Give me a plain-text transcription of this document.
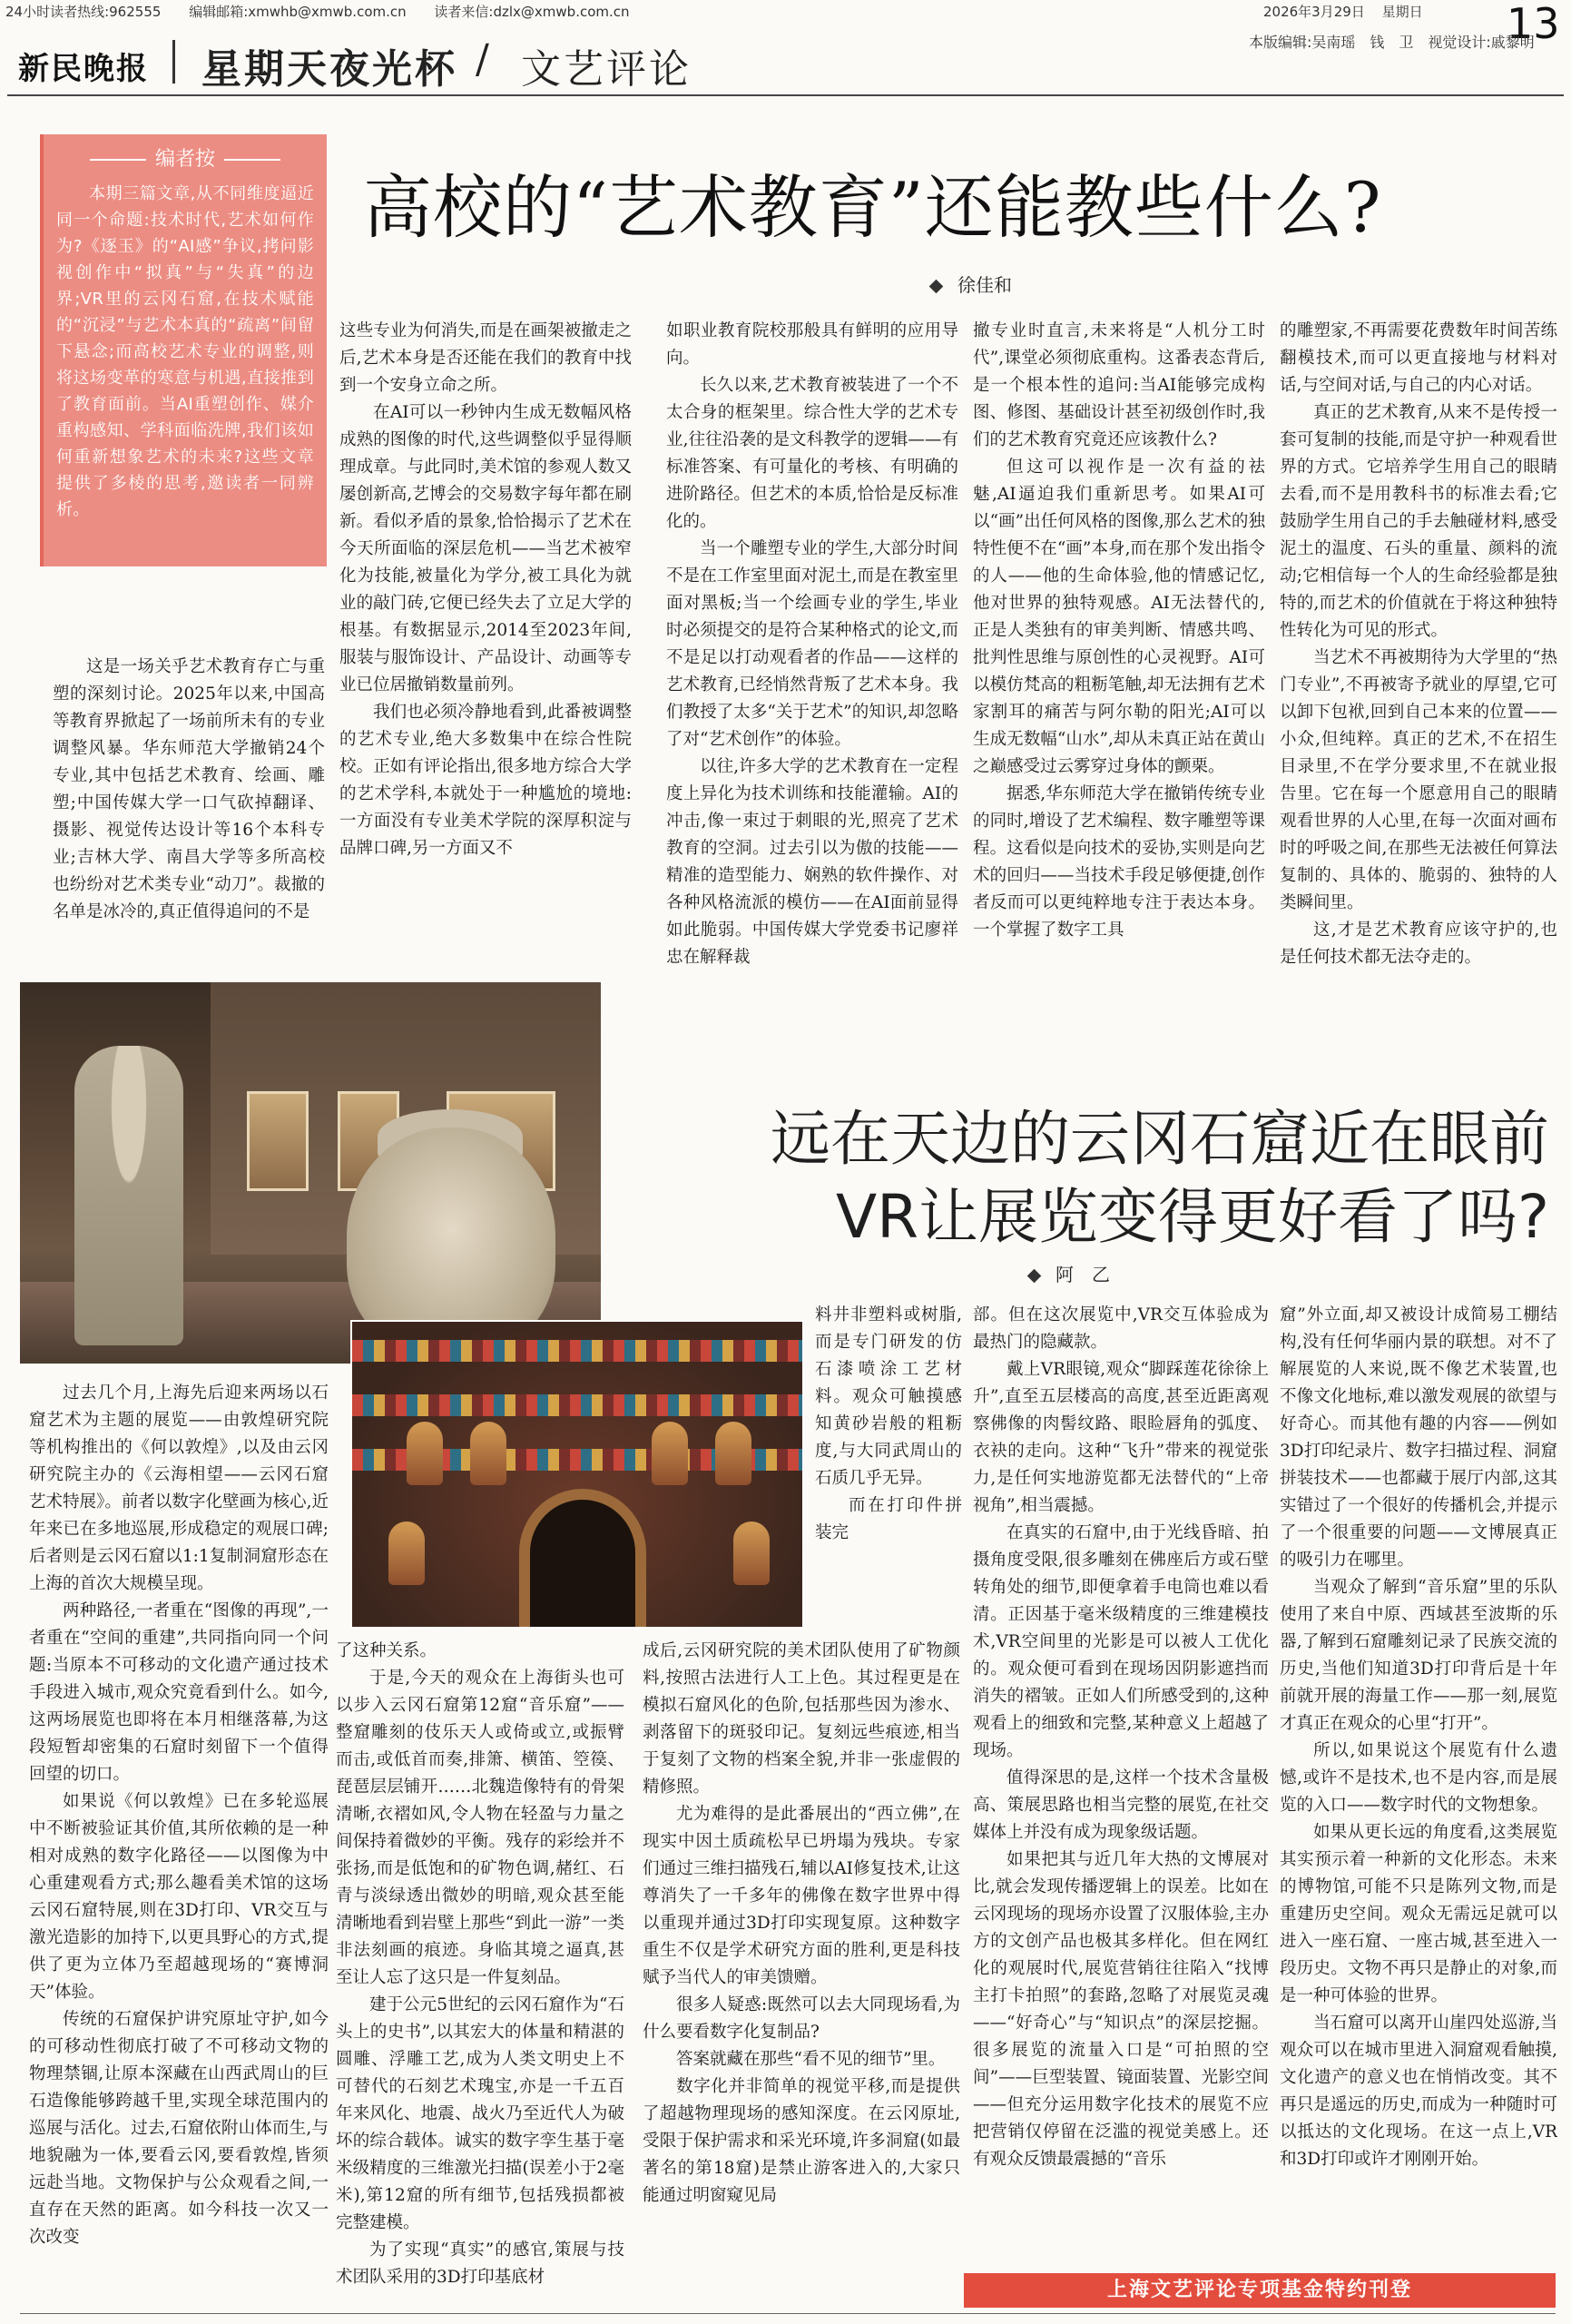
24小时读者热线:962555 编辑邮箱:xmwhb@xmwb.com.cn 读者来信:dzlx@xmwb.com.cn	2026年3月29日 星期日	13
新民晚报 星期天夜光杯 / 文艺评论
本版编辑:吴南瑶　钱　卫　视觉设计:戚黎明
编者按
本期三篇文章,从不同维度逼近同一个命题:技术时代,艺术如何作为?《逐玉》的“AI感”争议,拷问影视创作中“拟真”与“失真”的边界;VR里的云冈石窟,在技术赋能的“沉浸”与艺术本真的“疏离”间留下悬念;而高校艺术专业的调整,则将这场变革的寒意与机遇,直接推到了教育面前。当AI重塑创作、媒介重构感知、学科面临洗牌,我们该如何重新想象艺术的未来?这些文章提供了多棱的思考,邀读者一同辨析。
高校的“艺术教育”还能教些什么?
徐佳和

这是一场关乎艺术教育存亡与重塑的深刻讨论。2025年以来,中国高等教育界掀起了一场前所未有的专业调整风暴。华东师范大学撤销24个专业,其中包括艺术教育、绘画、雕塑;中国传媒大学一口气砍掉翻译、摄影、视觉传达设计等16个本科专业;吉林大学、南昌大学等多所高校也纷纷对艺术类专业“动刀”。裁撤的名单是冰冷的,真正值得追问的不是

这些专业为何消失,而是在画架被撤走之后,艺术本身是否还能在我们的教育中找到一个安身立命之所。

在AI可以一秒钟内生成无数幅风格成熟的图像的时代,这些调整似乎显得顺理成章。与此同时,美术馆的参观人数又屡创新高,艺博会的交易数字每年都在刷新。看似矛盾的景象,恰恰揭示了艺术在今天所面临的深层危机——当艺术被窄化为技能,被量化为学分,被工具化为就业的敲门砖,它便已经失去了立足大学的根基。有数据显示,2014至2023年间,服装与服饰设计、产品设计、动画等专业已位居撤销数量前列。

我们也必须冷静地看到,此番被调整的艺术专业,绝大多数集中在综合性院校。正如有评论指出,很多地方综合大学的艺术学科,本就处于一种尴尬的境地:一方面没有专业美术学院的深厚积淀与品牌口碑,另一方面又不

如职业教育院校那般具有鲜明的应用导向。

长久以来,艺术教育被装进了一个不太合身的框架里。综合性大学的艺术专业,往往沿袭的是文科教学的逻辑——有标准答案、有可量化的考核、有明确的进阶路径。但艺术的本质,恰恰是反标准化的。

当一个雕塑专业的学生,大部分时间不是在工作室里面对泥土,而是在教室里面对黑板;当一个绘画专业的学生,毕业时必须提交的是符合某种格式的论文,而不是足以打动观看者的作品——这样的艺术教育,已经悄然背叛了艺术本身。我们教授了太多“关于艺术”的知识,却忽略了对“艺术创作”的体验。

以往,许多大学的艺术教育在一定程度上异化为技术训练和技能灌输。AI的冲击,像一束过于刺眼的光,照亮了艺术教育的空洞。过去引以为傲的技能——精准的造型能力、娴熟的软件操作、对各种风格流派的模仿——在AI面前显得如此脆弱。中国传媒大学党委书记廖祥忠在解释裁

撤专业时直言,未来将是“人机分工时代”,课堂必须彻底重构。这番表态背后,是一个根本性的追问:当AI能够完成构图、修图、基础设计甚至初级创作时,我们的艺术教育究竟还应该教什么?

但这可以视作是一次有益的祛魅,AI逼迫我们重新思考。如果AI可以“画”出任何风格的图像,那么艺术的独特性便不在“画”本身,而在那个发出指令的人——他的生命体验,他的情感记忆,他对世界的独特观感。AI无法替代的,正是人类独有的审美判断、情感共鸣、批判性思维与原创性的心灵视野。AI可以模仿梵高的粗粝笔触,却无法拥有艺术家割耳的痛苦与阿尔勒的阳光;AI可以生成无数幅“山水”,却从未真正站在黄山之巅感受过云雾穿过身体的颤栗。

据悉,华东师范大学在撤销传统专业的同时,增设了艺术编程、数字雕塑等课程。这看似是向技术的妥协,实则是向艺术的回归——当技术手段足够便捷,创作者反而可以更纯粹地专注于表达本身。一个掌握了数字工具

的雕塑家,不再需要花费数年时间苦练翻模技术,而可以更直接地与材料对话,与空间对话,与自己的内心对话。

真正的艺术教育,从来不是传授一套可复制的技能,而是守护一种观看世界的方式。它培养学生用自己的眼睛去看,而不是用教科书的标准去看;它鼓励学生用自己的手去触碰材料,感受泥土的温度、石头的重量、颜料的流动;它相信每一个人的生命经验都是独特的,而艺术的价值就在于将这种独特性转化为可见的形式。

当艺术不再被期待为大学里的“热门专业”,不再被寄予就业的厚望,它可以卸下包袱,回到自己本来的位置——小众,但纯粹。真正的艺术,不在招生目录里,不在学分要求里,不在就业报告里。它在每一个愿意用自己的眼睛观看世界的人心里,在每一次面对画布时的呼吸之间,在那些无法被任何算法复制的、具体的、脆弱的、独特的人类瞬间里。

这,才是艺术教育应该守护的,也是任何技术都无法夺走的。

远在天边的云冈石窟近在眼前
VR让展览变得更好看了吗?
阿　乙

过去几个月,上海先后迎来两场以石窟艺术为主题的展览——由敦煌研究院等机构推出的《何以敦煌》,以及由云冈研究院主办的《云海相望——云冈石窟艺术特展》。前者以数字化壁画为核心,近年来已在多地巡展,形成稳定的观展口碑;后者则是云冈石窟以1:1复制洞窟形态在上海的首次大规模呈现。

两种路径,一者重在“图像的再现”,一者重在“空间的重建”,共同指向同一个问题:当原本不可移动的文化遗产通过技术手段进入城市,观众究竟看到什么。如今,这两场展览也即将在本月相继落幕,为这段短暂却密集的石窟时刻留下一个值得回望的切口。

如果说《何以敦煌》已在多轮巡展中不断被验证其价值,其所依赖的是一种相对成熟的数字化路径——以图像为中心重建观看方式;那么趣看美术馆的这场云冈石窟特展,则在3D打印、VR交互与激光造影的加持下,以更具野心的方式,提供了更为立体乃至超越现场的“赛博洞天”体验。

传统的石窟保护讲究原址守护,如今的可移动性彻底打破了不可移动文物的物理禁锢,让原本深藏在山西武周山的巨石造像能够跨越千里,实现全球范围内的巡展与活化。过去,石窟依附山体而生,与地貌融为一体,要看云冈,要看敦煌,皆须远赴当地。文物保护与公众观看之间,一直存在天然的距离。如今科技一次又一次改变

料井非塑料或树脂,而是专门研发的仿石漆喷涂工艺材料。观众可触摸感知黄砂岩般的粗粝度,与大同武周山的石质几乎无异。

而在打印件拼装完

了这种关系。

于是,今天的观众在上海街头也可以步入云冈石窟第12窟“音乐窟”——整窟雕刻的伎乐天人或倚或立,或振臂而击,或低首而奏,排箫、横笛、箜篌、琵琶层层铺开……北魏造像特有的骨架清晰,衣褶如风,令人物在轻盈与力量之间保持着微妙的平衡。残存的彩绘并不张扬,而是低饱和的矿物色调,赭红、石青与淡绿透出微妙的明暗,观众甚至能清晰地看到岩壁上那些“到此一游”一类非法刻画的痕迹。身临其境之逼真,甚至让人忘了这只是一件复刻品。

建于公元5世纪的云冈石窟作为“石头上的史书”,以其宏大的体量和精湛的圆雕、浮雕工艺,成为人类文明史上不可替代的石刻艺术瑰宝,亦是一千五百年来风化、地震、战火乃至近代人为破坏的综合载体。诚实的数字孪生基于毫米级精度的三维激光扫描(误差小于2毫米),第12窟的所有细节,包括残损都被完整建模。

为了实现“真实”的感官,策展与技术团队采用的3D打印基底材

成后,云冈研究院的美术团队使用了矿物颜料,按照古法进行人工上色。其过程更是在模拟石窟风化的色阶,包括那些因为渗水、剥落留下的斑驳印记。复刻远些痕迹,相当于复刻了文物的档案全貌,并非一张虚假的精修照。

尤为难得的是此番展出的“西立佛”,在现实中因土质疏松早已坍塌为残块。专家们通过三维扫描残石,辅以AI修复技术,让这尊消失了一千多年的佛像在数字世界中得以重现并通过3D打印实现复原。这种数字重生不仅是学术研究方面的胜利,更是科技赋予当代人的审美馈赠。

很多人疑惑:既然可以去大同现场看,为什么要看数字化复制品?

答案就藏在那些“看不见的细节”里。

数字化并非简单的视觉平移,而是提供了超越物理现场的感知深度。在云冈原址,受限于保护需求和采光环境,许多洞窟(如最著名的第18窟)是禁止游客进入的,大家只能通过明窗窥见局

部。但在这次展览中,VR交互体验成为最热门的隐藏款。

戴上VR眼镜,观众“脚踩莲花徐徐上升”,直至五层楼高的高度,甚至近距离观察佛像的肉髻纹路、眼睑唇角的弧度、衣袂的走向。这种“飞升”带来的视觉张力,是任何实地游览都无法替代的“上帝视角”,相当震撼。

在真实的石窟中,由于光线昏暗、拍摄角度受限,很多雕刻在佛座后方或石壁转角处的细节,即便拿着手电筒也难以看清。正因基于毫米级精度的三维建模技术,VR空间里的光影是可以被人工优化的。观众便可看到在现场因阴影遮挡而消失的褶皱。正如人们所感受到的,这种观看上的细致和完整,某种意义上超越了现场。

值得深思的是,这样一个技术含量极高、策展思路也相当完整的展览,在社交媒体上并没有成为现象级话题。

如果把其与近几年大热的文博展对比,就会发现传播逻辑上的误差。比如在云冈现场的现场亦设置了汉服体验,主办方的文创产品也极其多样化。但在网红化的观展时代,展览营销往往陷入“找博主打卡拍照”的套路,忽略了对展览灵魂——“好奇心”与“知识点”的深层挖掘。很多展览的流量入口是“可拍照的空间”——巨型装置、镜面装置、光影空间——但充分运用数字化技术的展览不应把营销仅停留在泛滥的视觉美感上。还有观众反馈最震撼的“音乐

窟”外立面,却又被设计成简易工棚结构,没有任何华丽内景的联想。对不了解展览的人来说,既不像艺术装置,也不像文化地标,难以激发观展的欲望与好奇心。而其他有趣的内容——例如3D打印纪录片、数字扫描过程、洞窟拼装技术——也都藏于展厅内部,这其实错过了一个很好的传播机会,并提示了一个很重要的问题——文博展真正的吸引力在哪里。

当观众了解到“音乐窟”里的乐队使用了来自中原、西域甚至波斯的乐器,了解到石窟雕刻记录了民族交流的历史,当他们知道3D打印背后是十年前就开展的海量工作——那一刻,展览才真正在观众的心里“打开”。

所以,如果说这个展览有什么遗憾,或许不是技术,也不是内容,而是展览的入口——数字时代的文物想象。

如果从更长远的角度看,这类展览其实预示着一种新的文化形态。未来的博物馆,可能不只是陈列文物,而是重建历史空间。观众无需远足就可以进入一座石窟、一座古城,甚至进入一段历史。文物不再只是静止的对象,而是一种可体验的世界。

当石窟可以离开山崖四处巡游,当观众可以在城市里进入洞窟观看触摸,文化遗产的意义也在悄悄改变。其不再只是遥远的历史,而成为一种随时可以抵达的文化现场。在这一点上,VR和3D打印或许才刚刚开始。

上海文艺评论专项基金特约刊登
